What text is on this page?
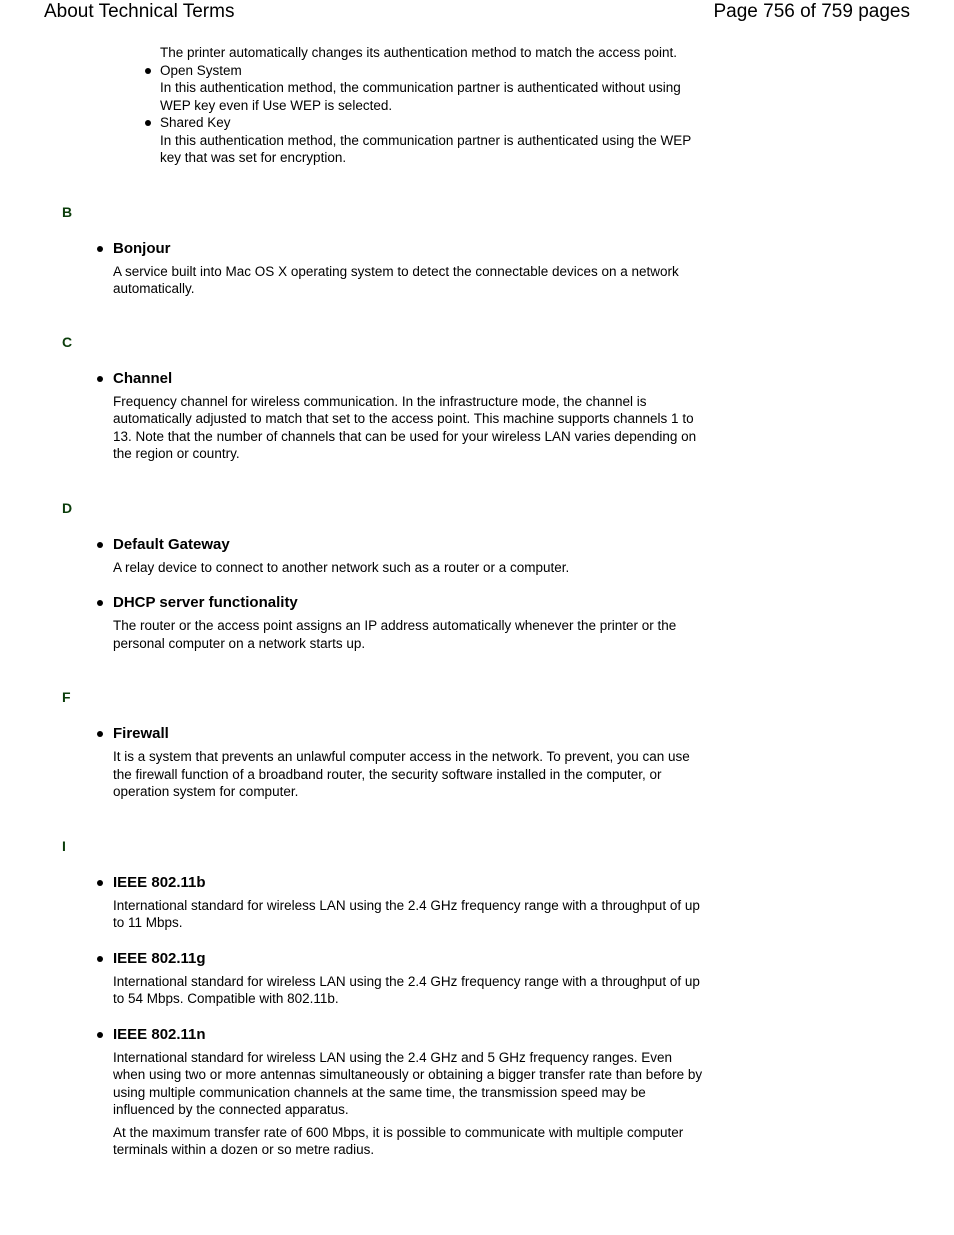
About Technical Terms	Page 756 of 759 pages

The printer automatically changes its authentication method to match the access point.

Open System

In this authentication method, the communication partner is authenticated without using WEP key even if Use WEP is selected.

Shared Key

In this authentication method, the communication partner is authenticated using the WEP key that was set for encryption.

B

Bonjour

A service built into Mac OS X operating system to detect the connectable devices on a network automatically.

C

Channel

Frequency channel for wireless communication. In the infrastructure mode, the channel is automatically adjusted to match that set to the access point. This machine supports channels 1 to 13. Note that the number of channels that can be used for your wireless LAN varies depending on the region or country.

D

Default Gateway

A relay device to connect to another network such as a router or a computer.

DHCP server functionality

The router or the access point assigns an IP address automatically whenever the printer or the personal computer on a network starts up.

F

Firewall

It is a system that prevents an unlawful computer access in the network. To prevent, you can use the firewall function of a broadband router, the security software installed in the computer, or operation system for computer.

I

IEEE 802.11b

International standard for wireless LAN using the 2.4 GHz frequency range with a throughput of up to 11 Mbps.

IEEE 802.11g

International standard for wireless LAN using the 2.4 GHz frequency range with a throughput of up to 54 Mbps. Compatible with 802.11b.

IEEE 802.11n

International standard for wireless LAN using the 2.4 GHz and 5 GHz frequency ranges. Even when using two or more antennas simultaneously or obtaining a bigger transfer rate than before by using multiple communication channels at the same time, the transmission speed may be influenced by the connected apparatus.

At the maximum transfer rate of 600 Mbps, it is possible to communicate with multiple computer terminals within a dozen or so metre radius.
